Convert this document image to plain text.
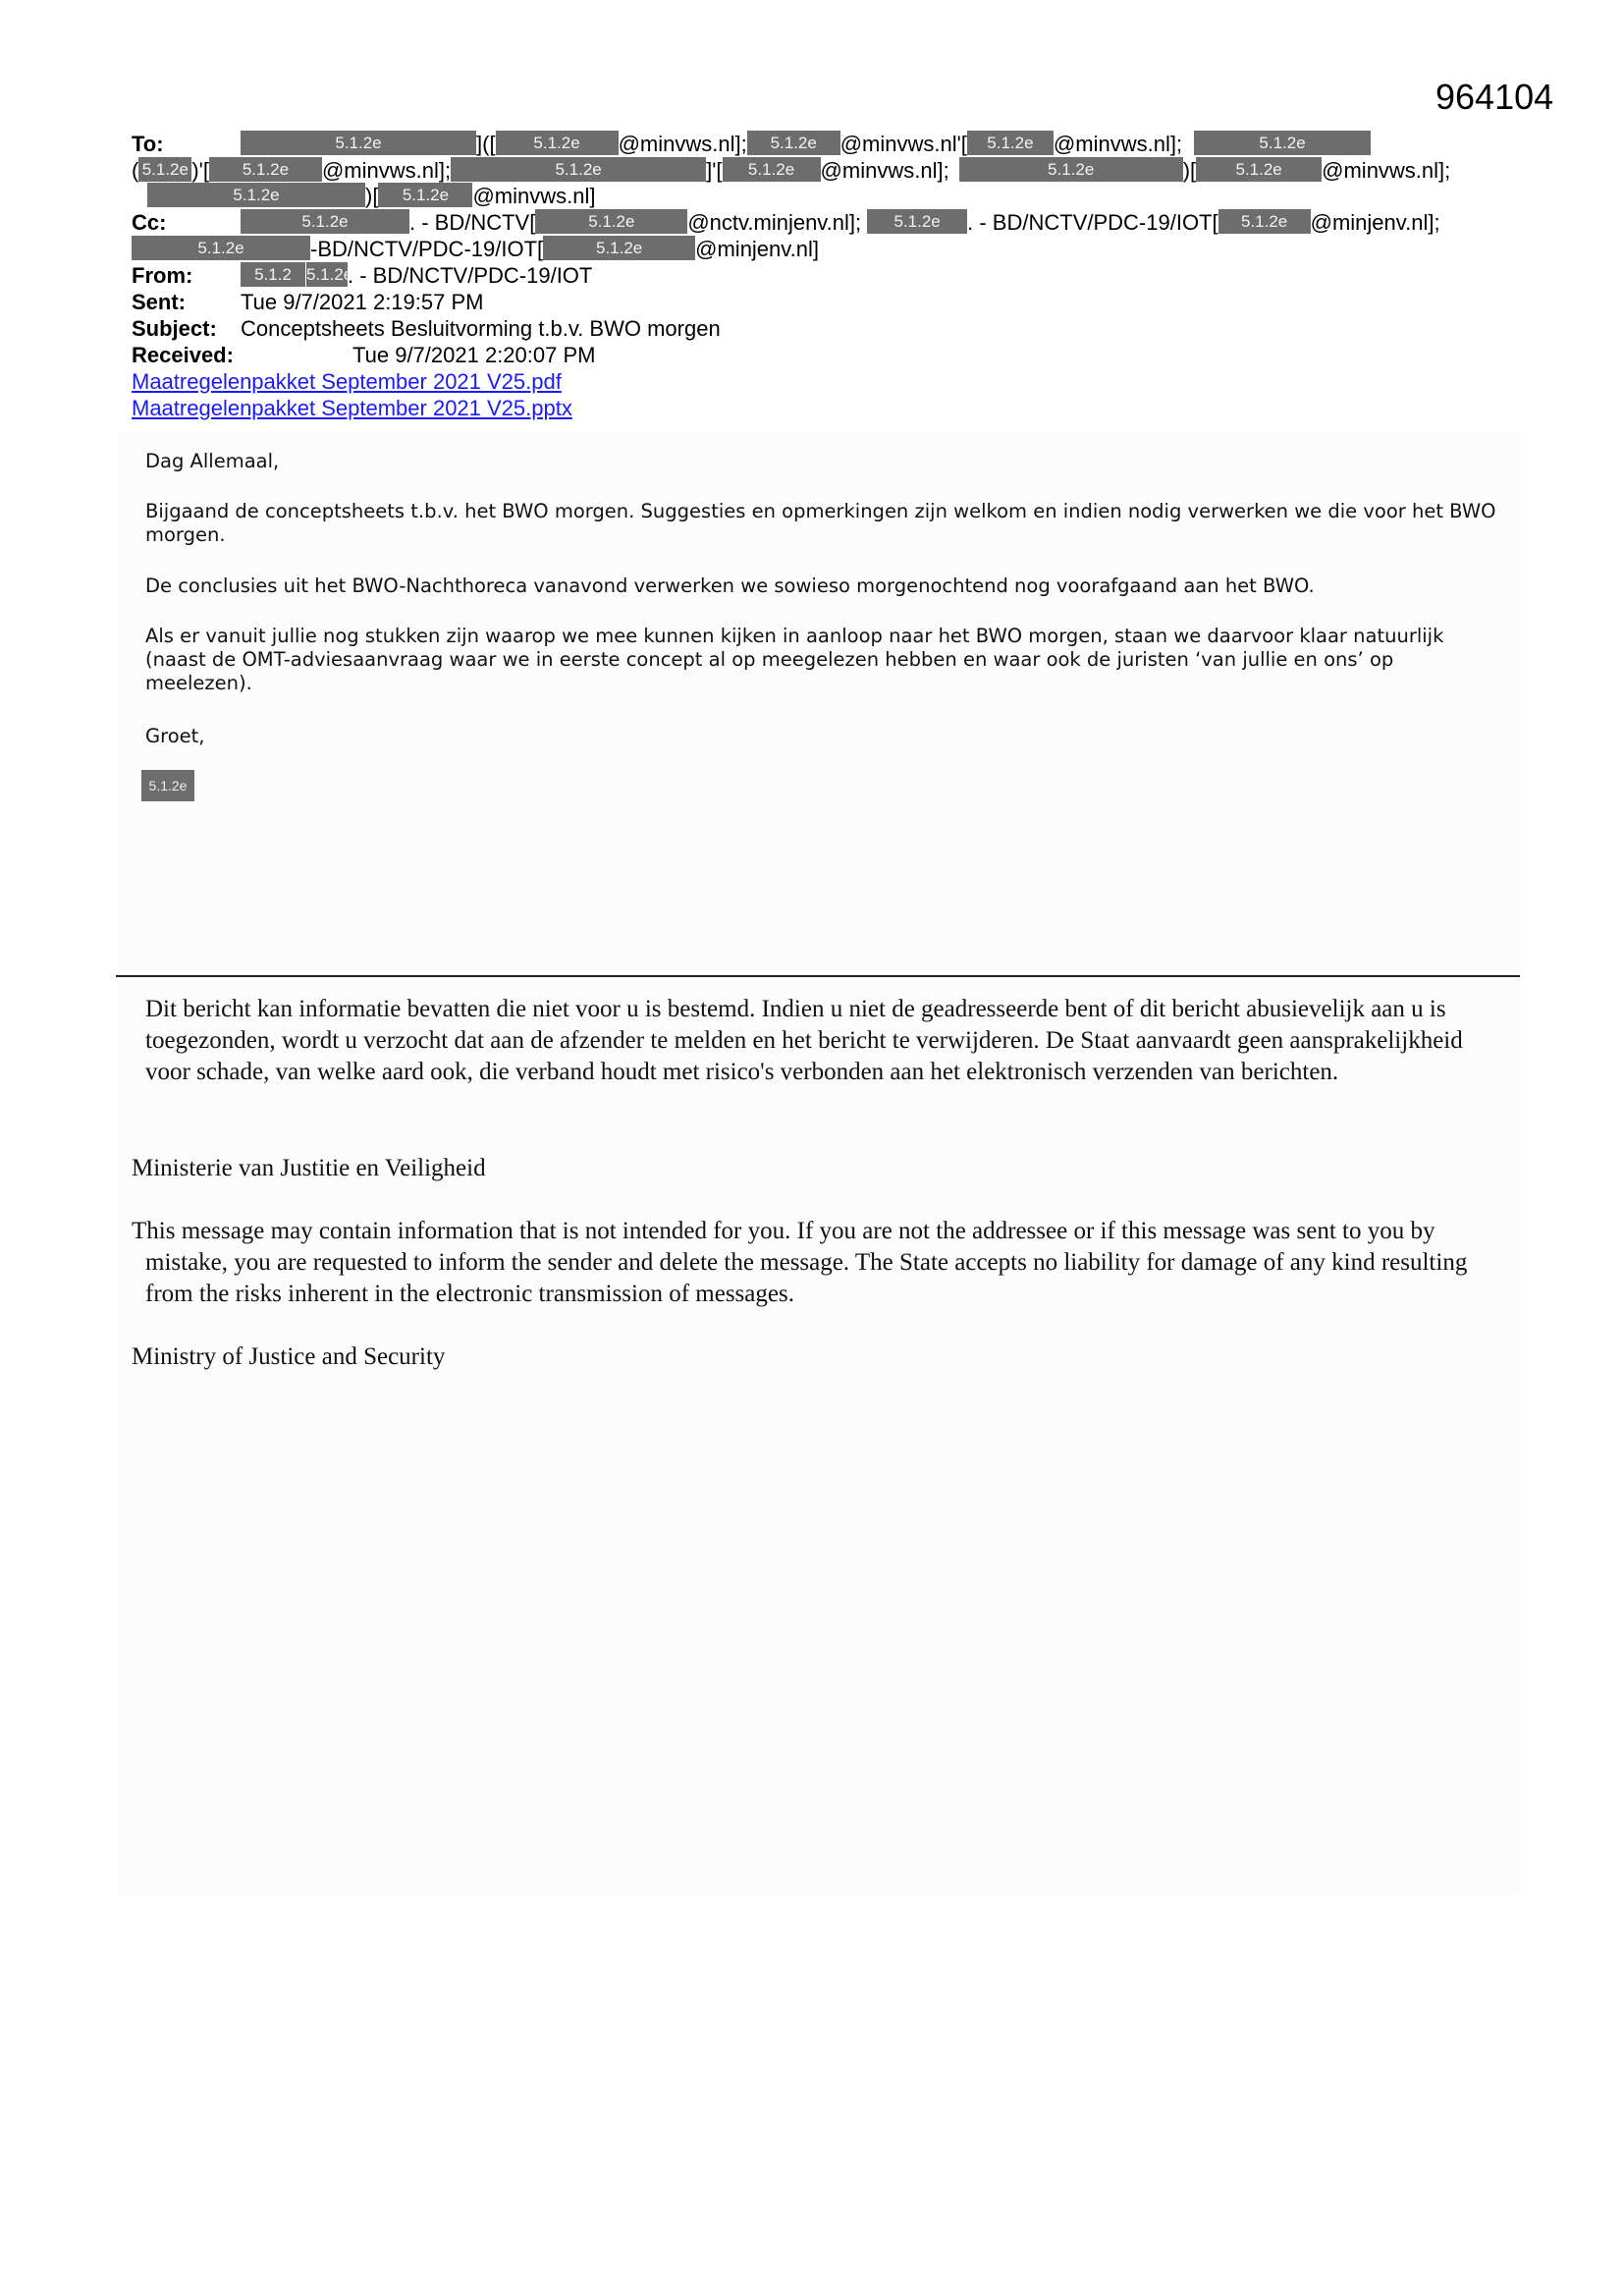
964104
To:	5.1.2e	]([ 5.1.2e @minvws.nl]; 5.1.2e @minvws.nl'[ 5.1.2e @minvws.nl];	5.1.2e
( 5.1.2e )'[ 5.1.2e @minvws.nl];	5.1.2e	]'[ 5.1.2e @minvws.nl];	5.1.2e	)[ 5.1.2e @minvws.nl];
5.1.2e	)[ 5.1.2e @minvws.nl]
Cc:	5.1.2e	. - BD/NCTV[	5.1.2e @nctv.minjenv.nl]; 5.1.2e . - BD/NCTV/PDC-19/IOT[ 5.1.2e @minjenv.nl];
5.1.2e	-BD/NCTV/PDC-19/IOT[	5.1.2e @minjenv.nl]
From:	5.1.2 5.1.2e. - BD/NCTV/PDC-19/IOT
Sent:	Tue 9/7/2021 2:19:57 PM
Subject: Conceptsheets Besluitvorming t.b.v. BWO morgen
Received:	Tue 9/7/2021 2:20:07 PM
Maatregelenpakket September 2021 V25.pdf
Maatregelenpakket September 2021 V25.pptx
Dag Allemaal,
Bijgaand de conceptsheets t.b.v. het BWO morgen. Suggesties en opmerkingen zijn welkom en indien nodig verwerken we die voor het BWO morgen.
De conclusies uit het BWO-Nachthoreca vanavond verwerken we sowieso morgenochtend nog voorafgaand aan het BWO.
Als er vanuit jullie nog stukken zijn waarop we mee kunnen kijken in aanloop naar het BWO morgen, staan we daarvoor klaar natuurlijk (naast de OMT-adviesaanvraag waar we in eerste concept al op meegelezen hebben en waar ook de juristen ‘van jullie en ons’ op meelezen).
Groet,
5.1.2e
Dit bericht kan informatie bevatten die niet voor u is bestemd. Indien u niet de geadresseerde bent of dit bericht abusievelijk aan u is toegezonden, wordt u verzocht dat aan de afzender te melden en het bericht te verwijderen. De Staat aanvaardt geen aansprakelijkheid voor schade, van welke aard ook, die verband houdt met risico's verbonden aan het elektronisch verzenden van berichten.
Ministerie van Justitie en Veiligheid
This message may contain information that is not intended for you. If you are not the addressee or if this message was sent to you by mistake, you are requested to inform the sender and delete the message. The State accepts no liability for damage of any kind resulting from the risks inherent in the electronic transmission of messages.
Ministry of Justice and Security
